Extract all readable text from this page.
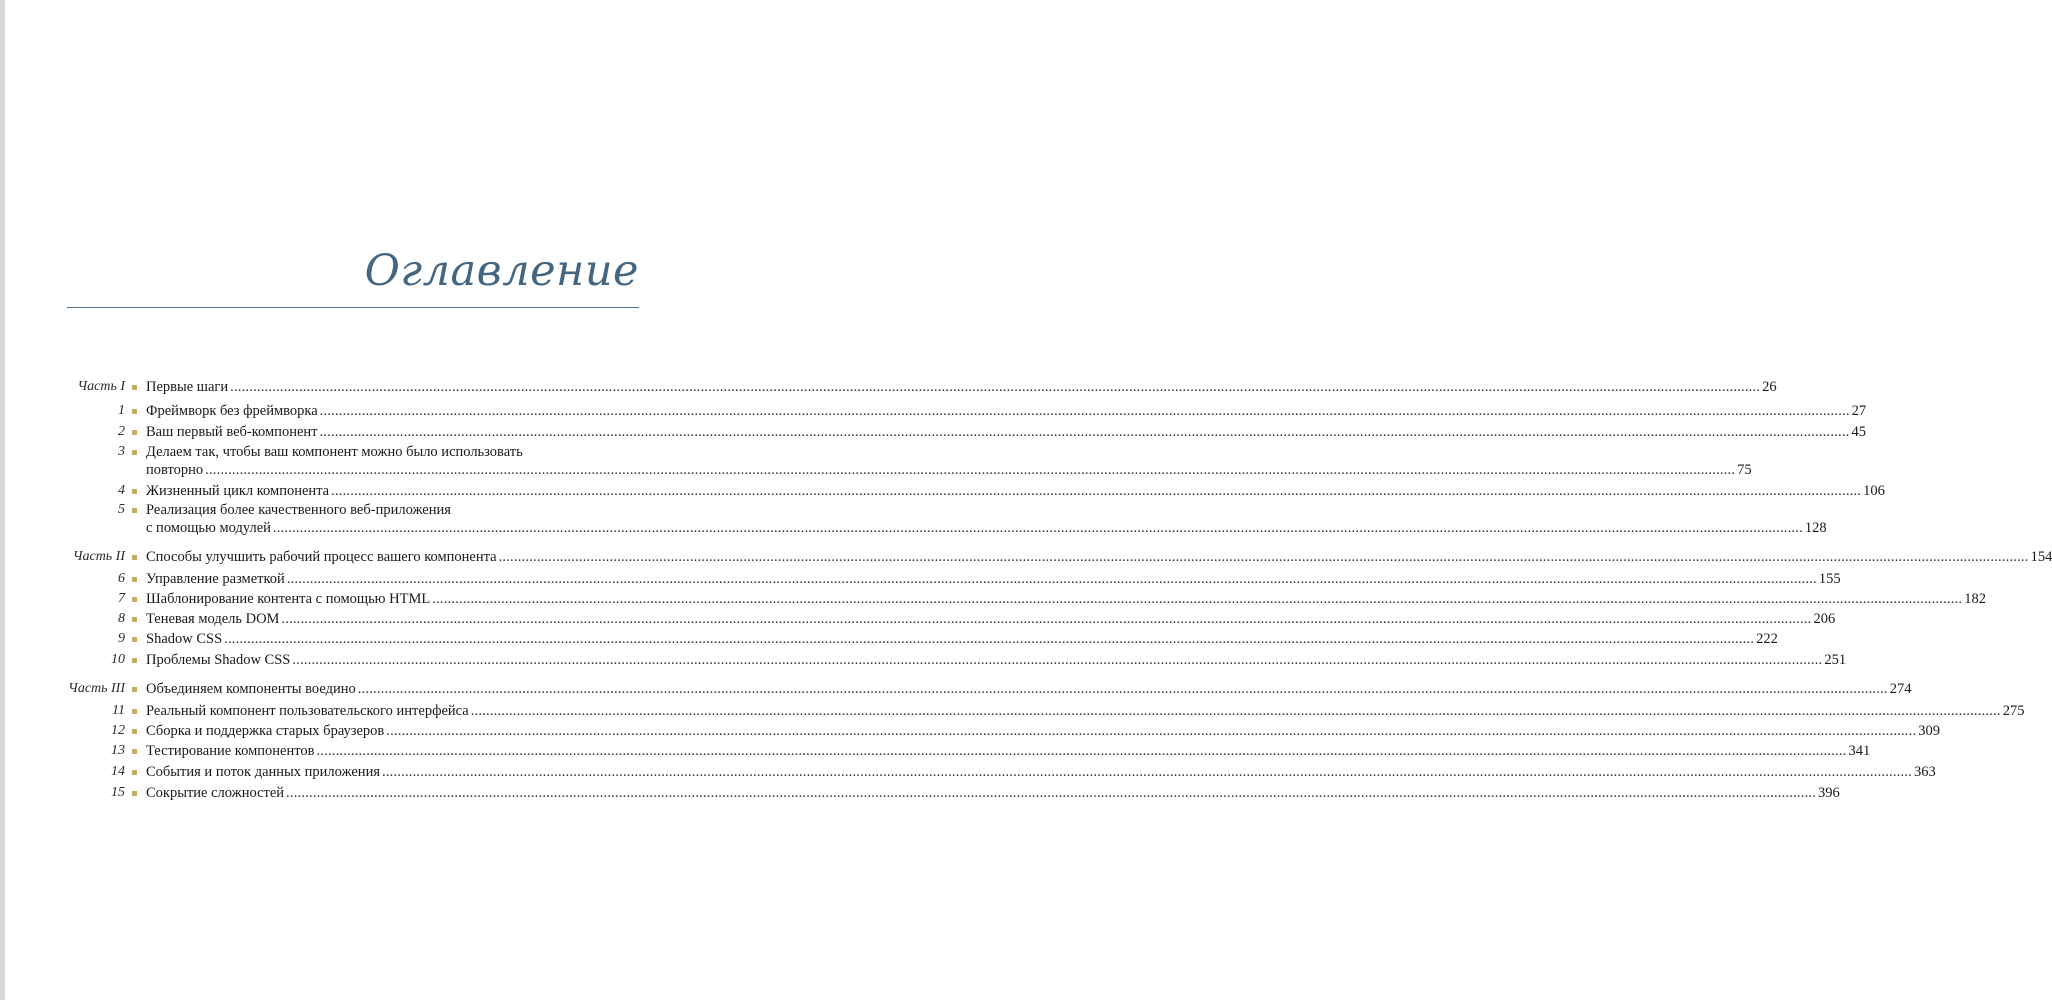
Оглавление
Часть I Первые шаги ................................................................................................................................................................................................................................................................................................................................................................................................................ 26
1 Фреймворк без фреймворка ................................................................................................................................................................................................................................................................................................................................................................................................................ 27
2 Ваш первый веб-компонент ................................................................................................................................................................................................................................................................................................................................................................................................................ 45
3 Делаем так, чтобы ваш компонент можно было использовать
повторно ................................................................................................................................................................................................................................................................................................................................................................................................................ 75
4 Жизненный цикл компонента ................................................................................................................................................................................................................................................................................................................................................................................................................ 106
5 Реализация более качественного веб-приложения
с помощью модулей ................................................................................................................................................................................................................................................................................................................................................................................................................ 128
Часть II Способы улучшить рабочий процесс вашего компонента ................................................................................................................................................................................................................................................................................................................................................................................................................ 154
6 Управление разметкой ................................................................................................................................................................................................................................................................................................................................................................................................................ 155
7 Шаблонирование контента с помощью HTML ................................................................................................................................................................................................................................................................................................................................................................................................................ 182
8 Теневая модель DOM ................................................................................................................................................................................................................................................................................................................................................................................................................ 206
9 Shadow CSS ................................................................................................................................................................................................................................................................................................................................................................................................................ 222
10 Проблемы Shadow CSS ................................................................................................................................................................................................................................................................................................................................................................................................................ 251
Часть III Объединяем компоненты воедино ................................................................................................................................................................................................................................................................................................................................................................................................................ 274
11 Реальный компонент пользовательского интерфейса ................................................................................................................................................................................................................................................................................................................................................................................................................ 275
12 Сборка и поддержка старых браузеров ................................................................................................................................................................................................................................................................................................................................................................................................................ 309
13 Тестирование компонентов ................................................................................................................................................................................................................................................................................................................................................................................................................ 341
14 События и поток данных приложения ................................................................................................................................................................................................................................................................................................................................................................................................................ 363
15 Сокрытие сложностей ................................................................................................................................................................................................................................................................................................................................................................................................................ 396
